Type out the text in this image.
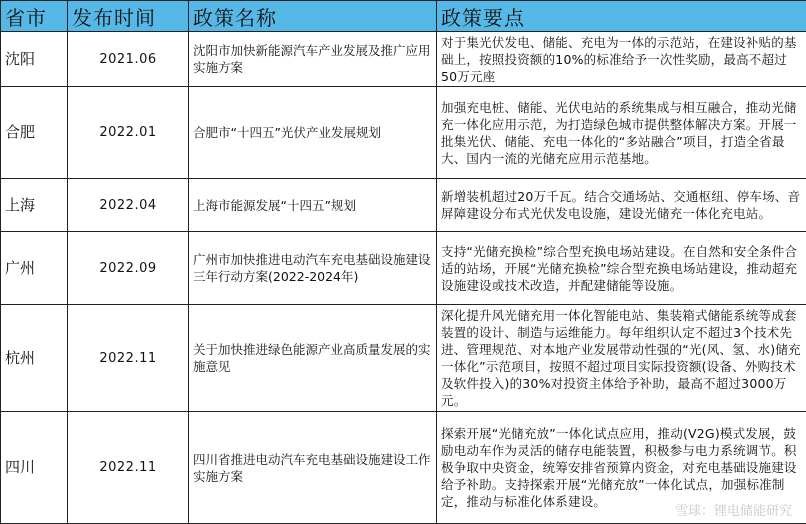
省市	发布时间	政策名称	政策要点
沈阳	2021.06	沈阳市加快新能源汽车产业发展及推广应用实施方案	对于集光伏发电、储能、充电为一体的示范站，在建设补贴的基础上，按照投资额的10%的标准给予一次性奖励，最高不超过50万元座
合肥	2022.01	合肥市“十四五”光伏产业发展规划	加强充电桩、储能、光伏电站的系统集成与相互融合，推动光储充一体化应用示范，为打造绿色城市提供整体解决方案。开展一批集光伏、储能、充电一体化的“多站融合”项目，打造全省最大、国内一流的光储充应用示范基地。
上海	2022.04	上海市能源发展“十四五”规划	新增装机超过20万千瓦。结合交通场站、交通枢纽、停车场、音屏障建设分布式光伏发电设施，建设光储充一体化充电站。
广州	2022.09	广州市加快推进电动汽车充电基础设施建设三年行动方案(2022-2024年)	支持“光储充换检”综合型充换电场站建设。在自然和安全条件合适的站场，开展“光储充换检”综合型充换电场站建设，推动超充设施建设或技术改造，并配建储能等设施。
杭州	2022.11	关于加快推进绿色能源产业高质量发展的实施意见	深化提升风光储充用一体化智能电站、集装箱式储能系统等成套装置的设计、制造与运维能力。每年组织认定不超过3个技术先进、管理规范、对本地产业发展带动性强的“光(风、氢、水)储充一体化”示范项目，按照不超过项目实际投资额(设备、外购技术及软件投入)的30%对投资主体给予补助，最高不超过3000万元。
四川	2022.11	四川省推进电动汽车充电基础设施建设工作实施方案	探索开展“光储充放”一体化试点应用，推动(V2G)模式发展，鼓励电动车作为灵活的储存电能装置，积极参与电力系统调节。积极争取中央资金，统筹安排省预算内资金，对充电基础设施建设给予补助。支持探索开展“光储充放”一体化试点，加强标准制定，推动与标准化体系建设。
雪球：锂电储能研究
